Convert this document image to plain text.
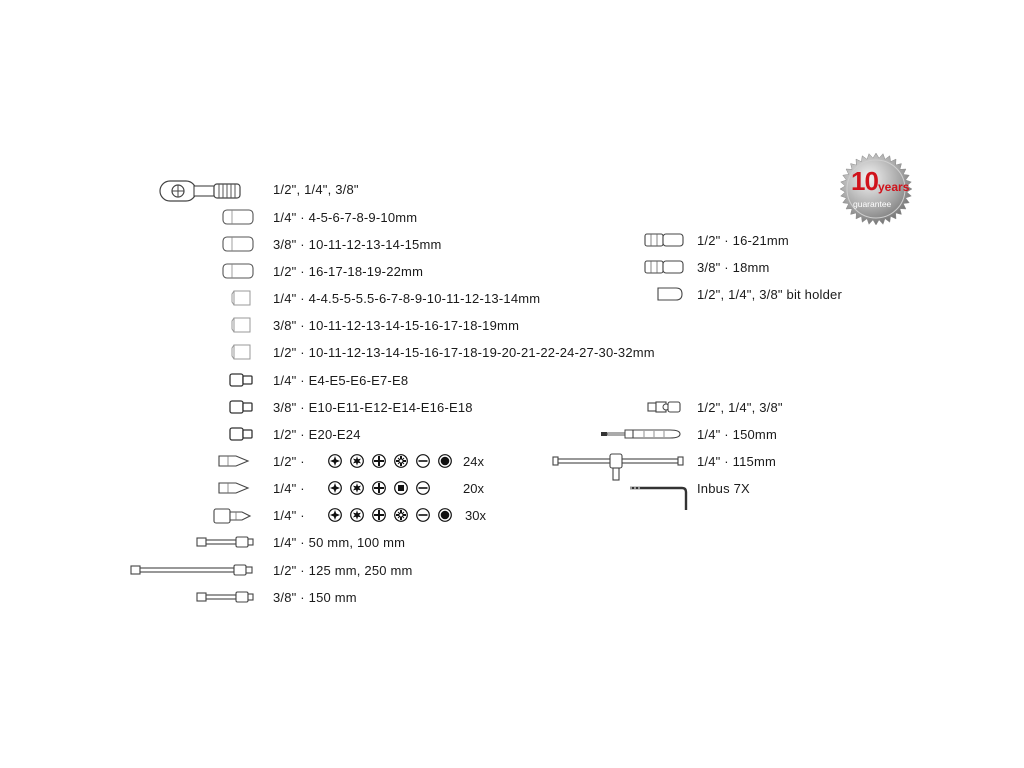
10 years
guarantee
1/2", 1/4", 3/8"
1/4" · 4-5-6-7-8-9-10mm
3/8" · 10-11-12-13-14-15mm
1/2" · 16-17-18-19-22mm
1/4" · 4-4.5-5-5.5-6-7-8-9-10-11-12-13-14mm
3/8" · 10-11-12-13-14-15-16-17-18-19mm
1/2" · 10-11-12-13-14-15-16-17-18-19-20-21-22-24-27-30-32mm
1/4" · E4-E5-E6-E7-E8
3/8" · E10-E11-E12-E14-E16-E18
1/2" · E20-E24
1/2" ·	24x
1/4" ·	20x
1/4" ·	30x
1/4" · 50 mm, 100 mm
1/2" · 125 mm, 250 mm
3/8" · 150 mm
1/2" · 16-21mm
3/8" · 18mm
1/2", 1/4", 3/8" bit holder
1/2", 1/4", 3/8"
1/4" · 150mm
1/4" · 115mm
Inbus 7X
